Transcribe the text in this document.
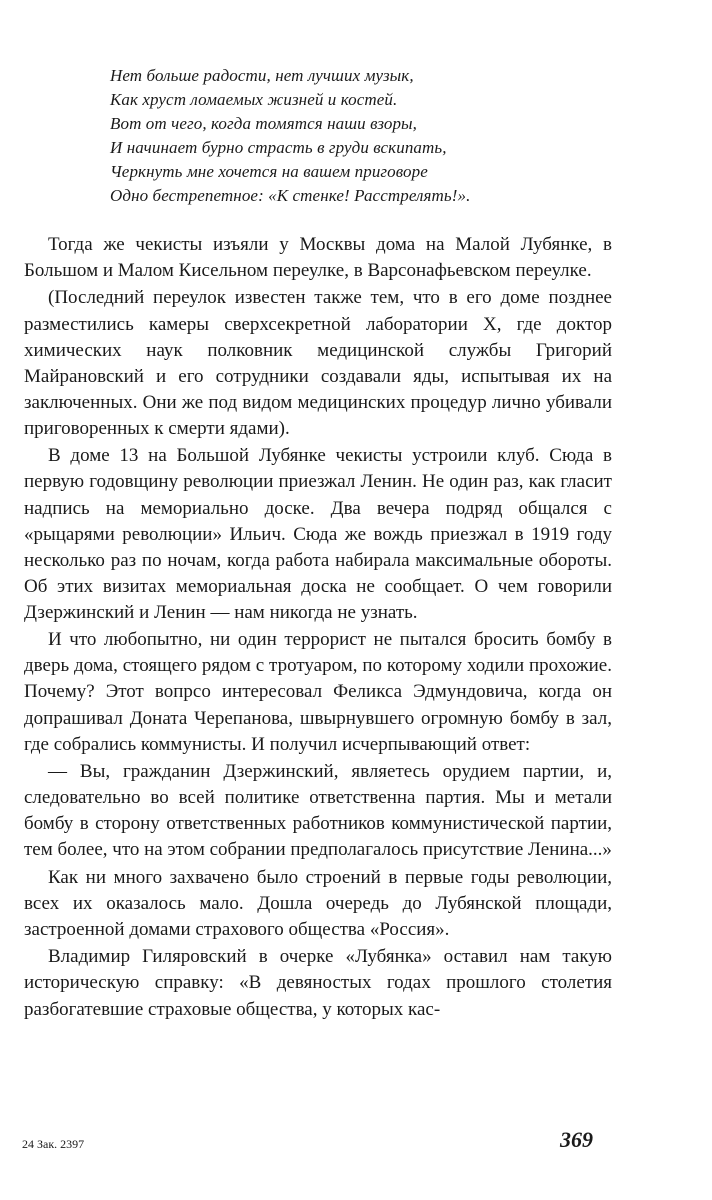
Нет больше радости, нет лучших музык,
Как хруст ломаемых жизней и костей.
Вот от чего, когда томятся наши взоры,
И начинает бурно страсть в груди вскипать,
Черкнуть мне хочется на вашем приговоре
Одно бестрепетное: «К стенке! Расстрелять!».

Тогда же чекисты изъяли у Москвы дома на Малой Лубянке, в Большом и Малом Кисельном переулке, в Варсонафьевском переулке.

(Последний переулок известен также тем, что в его доме позднее разместились камеры сверхсекретной лаборатории Х, где доктор химических наук полковник медицинской службы Григорий Майрановский и его сотрудники создавали яды, испытывая их на заключенных. Они же под видом медицинских процедур лично убивали приговоренных к смерти ядами).

В доме 13 на Большой Лубянке чекисты устроили клуб. Сюда в первую годовщину революции приезжал Ленин. Не один раз, как гласит надпись на мемориально доске. Два вечера подряд общался с «рыцарями революции» Ильич. Сюда же вождь приезжал в 1919 году несколько раз по ночам, когда работа набирала максимальные обороты. Об этих визитах мемориальная доска не сообщает. О чем говорили Дзержинский и Ленин — нам никогда не узнать.

И что любопытно, ни один террорист не пытался бросить бомбу в дверь дома, стоящего рядом с тротуаром, по которому ходили прохожие. Почему? Этот вопрсо интересовал Феликса Эдмундовича, когда он допрашивал Доната Черепанова, швырнувшего огромную бомбу в зал, где собрались коммунисты. И получил исчерпывающий ответ:

— Вы, гражданин Дзержинский, являетесь орудием партии, и, следовательно во всей политике ответственна партия. Мы и метали бомбу в сторону ответственных работников коммунистической партии, тем более, что на этом собрании предполагалось присутствие Ленина...»

Как ни много захвачено было строений в первые годы революции, всех их оказалось мало. Дошла очередь до Лубянской площади, застроенной домами страхового общества «Россия».

Владимир Гиляровский в очерке «Лубянка» оставил нам такую историческую справку: «В девяностых годах прошлого столетия разбогатевшие страховые общества, у которых кас-

24 Зак. 2397	369
